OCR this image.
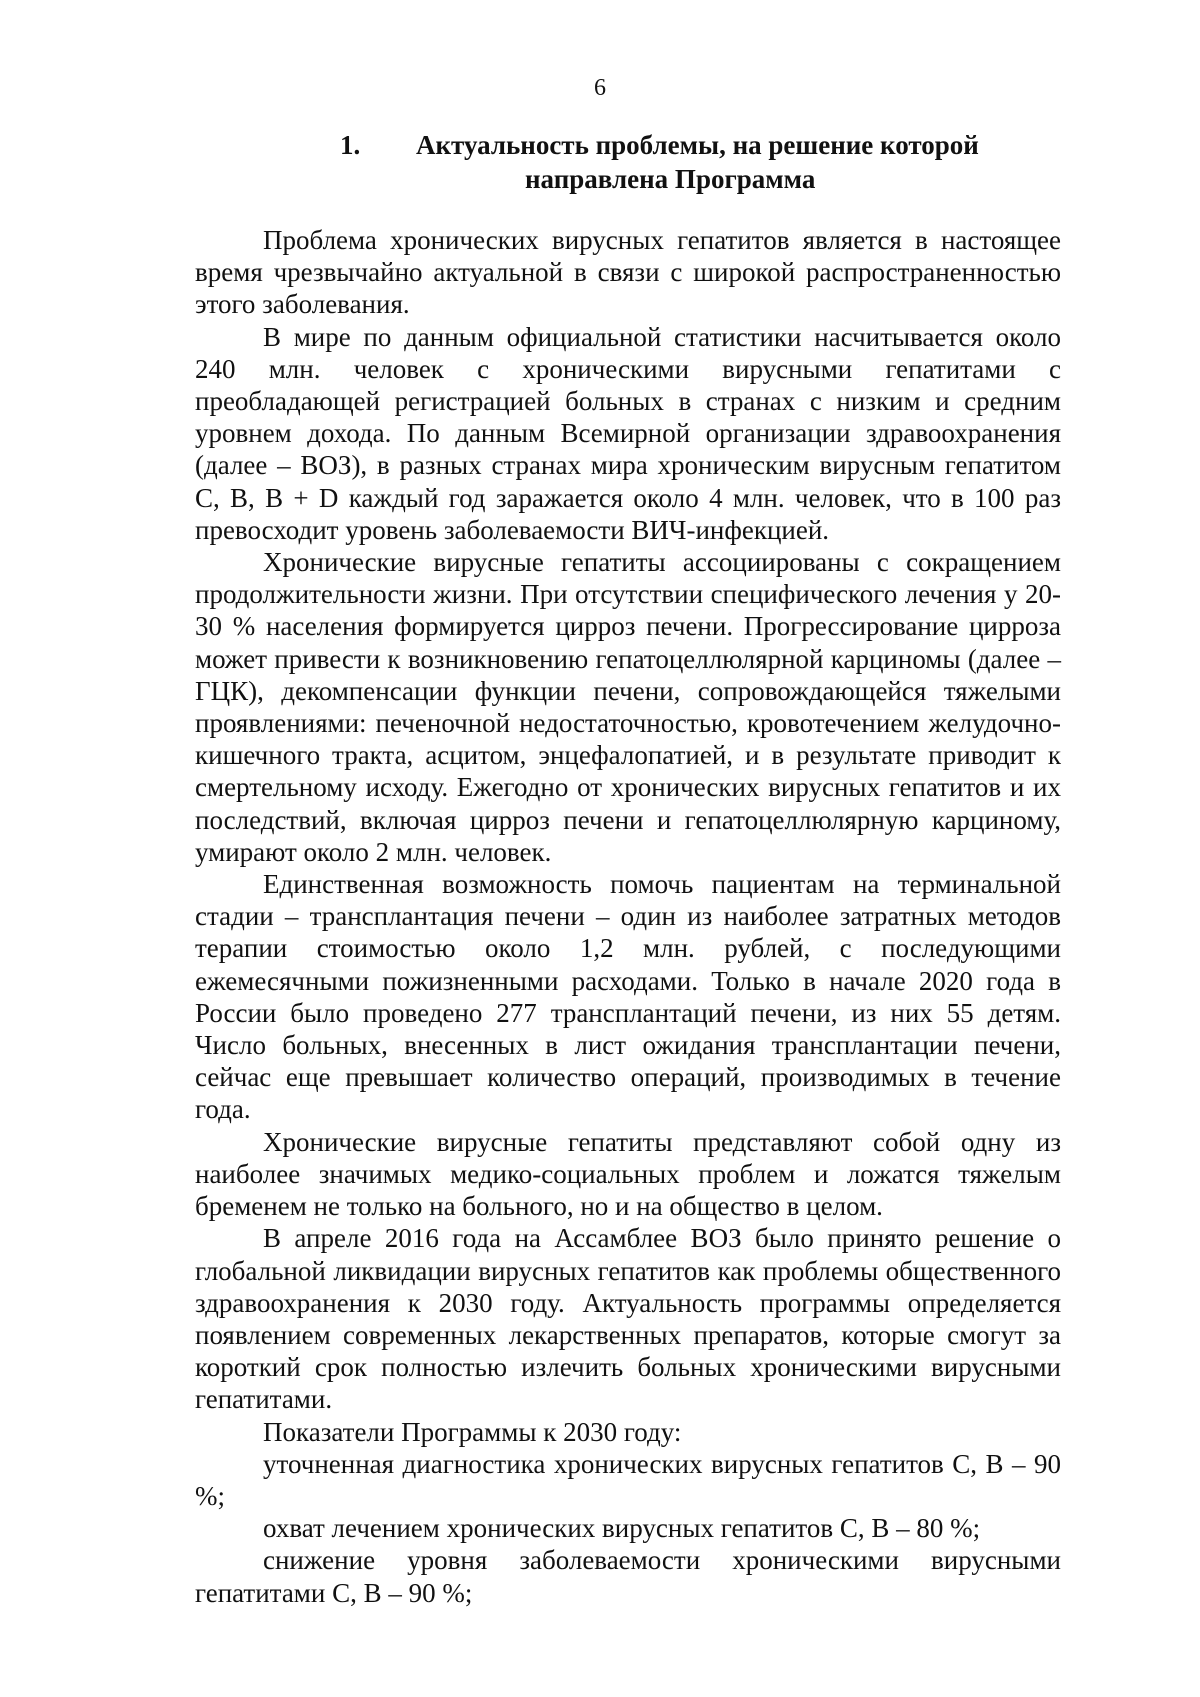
6
1.	Актуальность проблемы, на решение которой
направлена Программа

Проблема хронических вирусных гепатитов является в настоящее время чрезвычайно актуальной в связи с широкой распространенностью этого заболевания.

В мире по данным официальной статистики насчитывается около 240 млн. человек с хроническими вирусными гепатитами с преобладающей регистрацией больных в странах с низким и средним уровнем дохода. По данным Всемирной организации здравоохранения (далее – ВОЗ), в разных странах мира хроническим вирусным гепатитом C, B, B + D каждый год заражается около 4 млн. человек, что в 100 раз превосходит уровень заболеваемости ВИЧ-инфекцией.

Хронические вирусные гепатиты ассоциированы с сокращением продолжительности жизни. При отсутствии специфического лечения у 20-30 % населения формируется цирроз печени. Прогрессирование цирроза может привести к возникновению гепатоцеллюлярной карциномы (далее – ГЦК), декомпенсации функции печени, сопровождающейся тяжелыми проявлениями: печеночной недостаточностью, кровотечением желудочно-кишечного тракта, асцитом, энцефалопатией, и в результате приводит к смертельному исходу. Ежегодно от хронических вирусных гепатитов и их последствий, включая цирроз печени и гепатоцеллюлярную карциному, умирают около 2 млн. человек.

Единственная возможность помочь пациентам на терминальной стадии – трансплантация печени – один из наиболее затратных методов терапии стоимостью около 1,2 млн. рублей, с последующими ежемесячными пожизненными расходами. Только в начале 2020 года в России было проведено 277 трансплантаций печени, из них 55 детям. Число больных, внесенных в лист ожидания трансплантации печени, сейчас еще превышает количество операций, производимых в течение года.

Хронические вирусные гепатиты представляют собой одну из наиболее значимых медико-социальных проблем и ложатся тяжелым бременем не только на больного, но и на общество в целом.

В апреле 2016 года на Ассамблее ВОЗ было принято решение о глобальной ликвидации вирусных гепатитов как проблемы общественного здравоохранения к 2030 году. Актуальность программы определяется появлением современных лекарственных препаратов, которые смогут за короткий срок полностью излечить больных хроническими вирусными гепатитами.

Показатели Программы к 2030 году:

уточненная диагностика хронических вирусных гепатитов С, В – 90 %;

охват лечением хронических вирусных гепатитов С, В – 80 %;

снижение уровня заболеваемости хроническими вирусными гепатитами С, В – 90 %;
